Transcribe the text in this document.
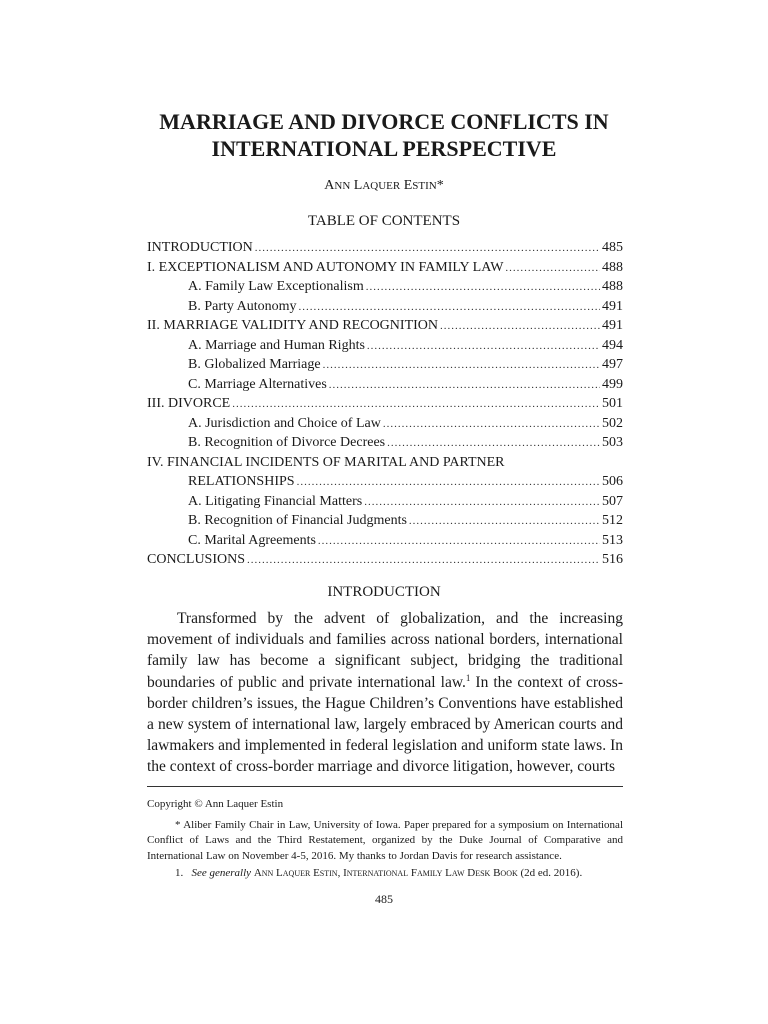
MARRIAGE AND DIVORCE CONFLICTS IN
INTERNATIONAL PERSPECTIVE
ANN LAQUER ESTIN*
TABLE OF CONTENTS
INTRODUCTION .....	485
I. EXCEPTIONALISM AND AUTONOMY IN FAMILY LAW .....	488
A. Family Law Exceptionalism .....	488
B. Party Autonomy .....	491
II. MARRIAGE VALIDITY AND RECOGNITION .....	491
A. Marriage and Human Rights .....	494
B. Globalized Marriage .....	497
C. Marriage Alternatives .....	499
III. DIVORCE .....	501
A. Jurisdiction and Choice of Law .....	502
B. Recognition of Divorce Decrees .....	503
IV. FINANCIAL INCIDENTS OF MARITAL AND PARTNER
RELATIONSHIPS .....	506
A. Litigating Financial Matters .....	507
B. Recognition of Financial Judgments .....	512
C. Marital Agreements .....	513
CONCLUSIONS .....	516
INTRODUCTION
Transformed by the advent of globalization, and the increasing movement of individuals and families across national borders, international family law has become a significant subject, bridging the traditional boundaries of public and private international law.$^1$ In the context of cross-border children’s issues, the Hague Children’s Conventions have established a new system of international law, largely embraced by American courts and lawmakers and implemented in federal legislation and uniform state laws. In the context of cross-border marriage and divorce litigation, however, courts
Copyright © Ann Laquer Estin
* Aliber Family Chair in Law, University of Iowa. Paper prepared for a symposium on International Conflict of Laws and the Third Restatement, organized by the Duke Journal of Comparative and International Law on November 4-5, 2016. My thanks to Jordan Davis for research assistance.
1. See generally Ann Laquer Estin, International Family Law Desk Book (2d ed. 2016).
485
